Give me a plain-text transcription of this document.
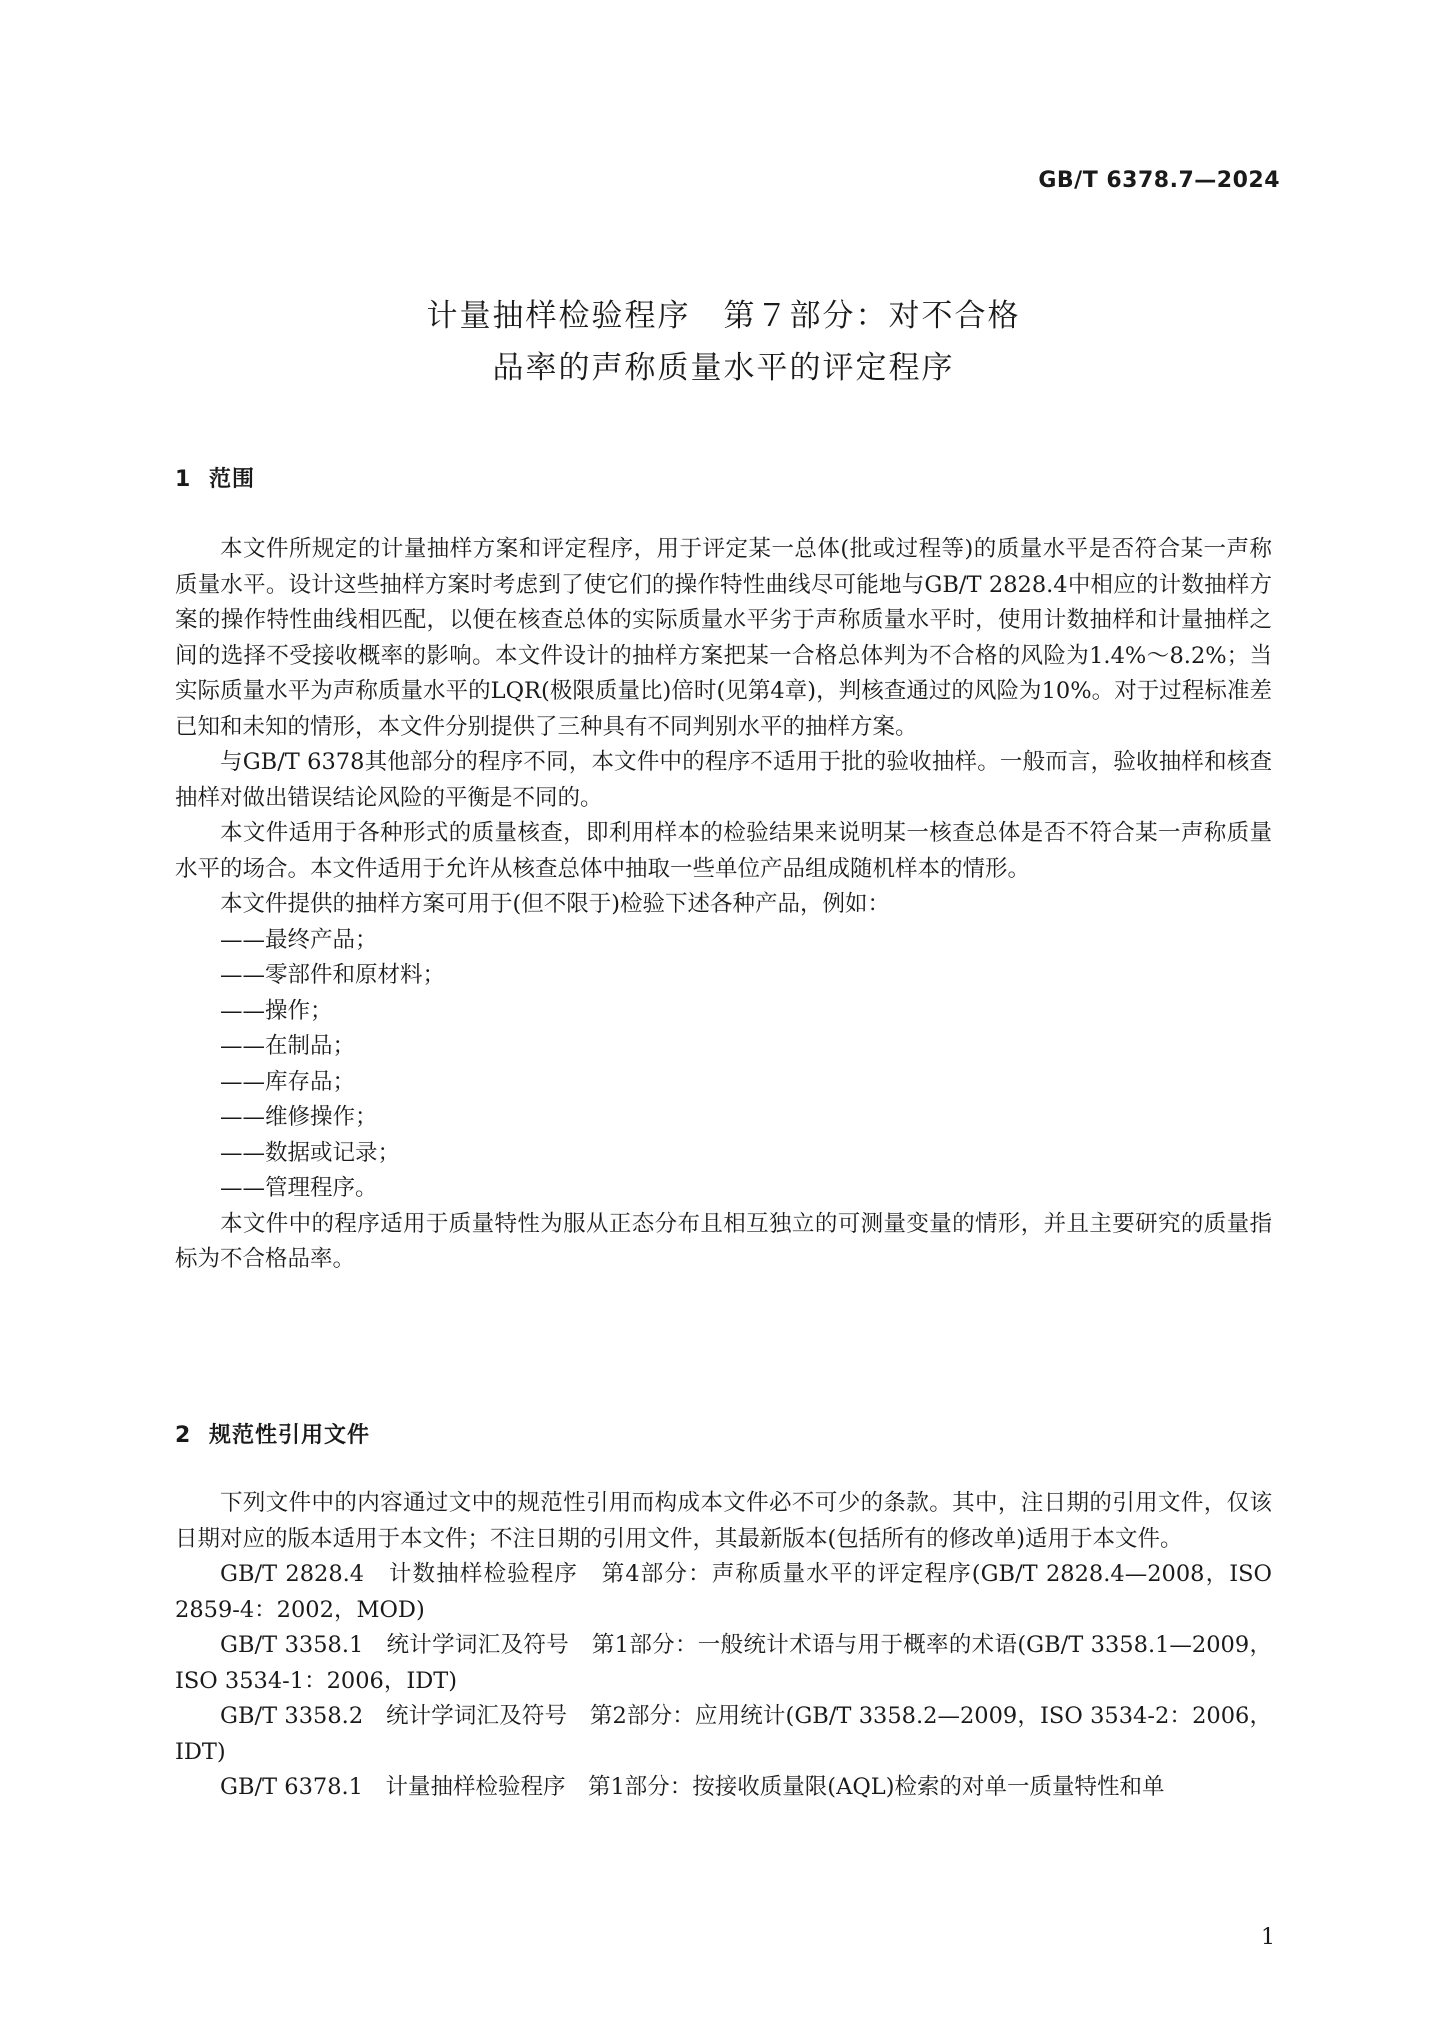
GB/T 6378.7—2024
计量抽样检验程序　第７部分：对不合格
品率的声称质量水平的评定程序
1 范围

本文件所规定的计量抽样方案和评定程序，用于评定某一总体(批或过程等)的质量水平是否符合某一声称质量水平。设计这些抽样方案时考虑到了使它们的操作特性曲线尽可能地与GB/T 2828.4中相应的计数抽样方案的操作特性曲线相匹配，以便在核查总体的实际质量水平劣于声称质量水平时，使用计数抽样和计量抽样之间的选择不受接收概率的影响。本文件设计的抽样方案把某一合格总体判为不合格的风险为1.4%～8.2%；当实际质量水平为声称质量水平的LQR(极限质量比)倍时(见第4章)，判核查通过的风险为10%。对于过程标准差已知和未知的情形，本文件分别提供了三种具有不同判别水平的抽样方案。

与GB/T 6378其他部分的程序不同，本文件中的程序不适用于批的验收抽样。一般而言，验收抽样和核查抽样对做出错误结论风险的平衡是不同的。

本文件适用于各种形式的质量核查，即利用样本的检验结果来说明某一核查总体是否不符合某一声称质量水平的场合。本文件适用于允许从核查总体中抽取一些单位产品组成随机样本的情形。

本文件提供的抽样方案可用于(但不限于)检验下述各种产品，例如：

——最终产品；
——零部件和原材料；
——操作；
——在制品；
——库存品；
——维修操作；
——数据或记录；
——管理程序。

本文件中的程序适用于质量特性为服从正态分布且相互独立的可测量变量的情形，并且主要研究的质量指标为不合格品率。

2 规范性引用文件

下列文件中的内容通过文中的规范性引用而构成本文件必不可少的条款。其中，注日期的引用文件，仅该日期对应的版本适用于本文件；不注日期的引用文件，其最新版本(包括所有的修改单)适用于本文件。

GB/T 2828.4　计数抽样检验程序　第4部分：声称质量水平的评定程序(GB/T 2828.4—2008，ISO 2859-4：2002，MOD)

GB/T 3358.1　统计学词汇及符号　第1部分：一般统计术语与用于概率的术语(GB/T 3358.1—2009，ISO 3534-1：2006，IDT)

GB/T 3358.2　统计学词汇及符号　第2部分：应用统计(GB/T 3358.2—2009，ISO 3534-2：2006，IDT)

GB/T 6378.1　计量抽样检验程序　第1部分：按接收质量限(AQL)检索的对单一质量特性和单

1
